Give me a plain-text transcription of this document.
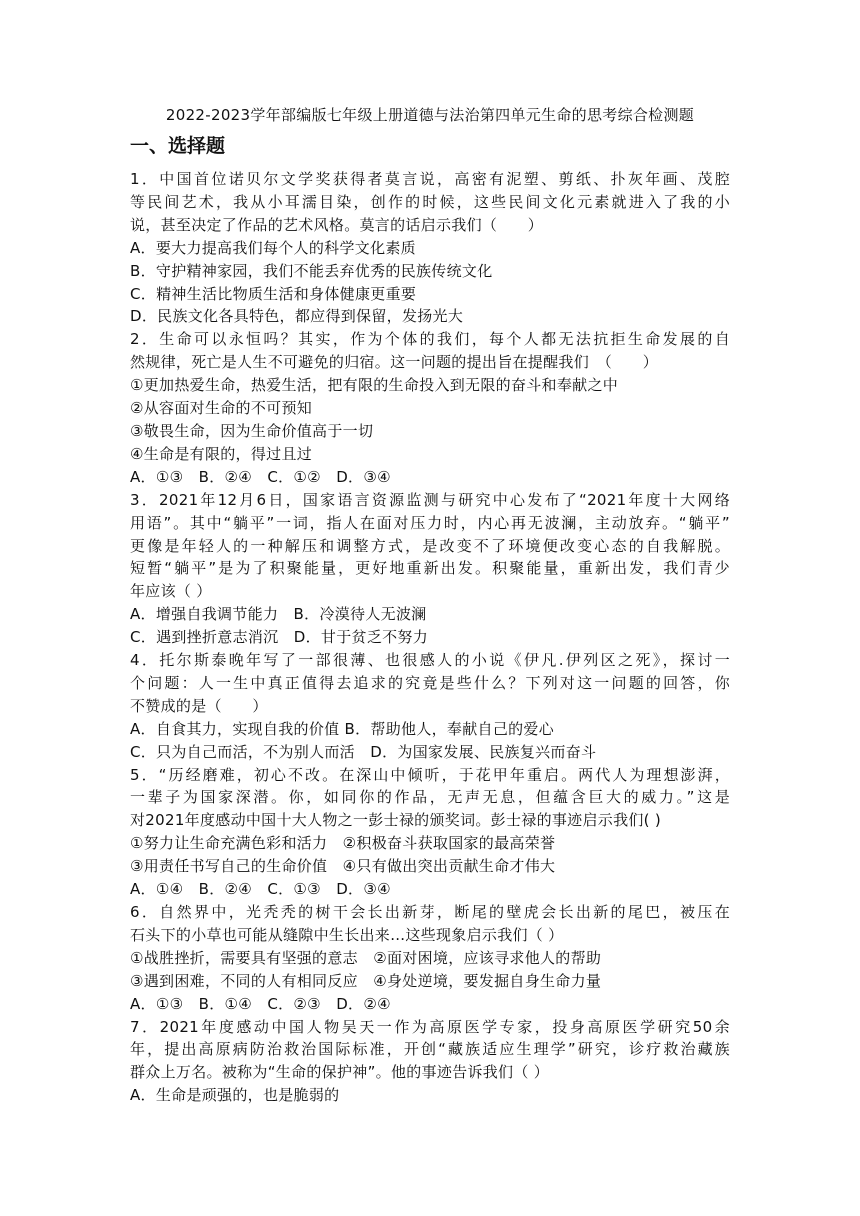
2022-2023学年部编版七年级上册道德与法治第四单元生命的思考综合检测题
一、选择题
1．中国首位诺贝尔文学奖获得者莫言说，高密有泥塑、剪纸、扑灰年画、茂腔
等民间艺术，我从小耳濡目染，创作的时候，这些民间文化元素就进入了我的小
说，甚至决定了作品的艺术风格。莫言的话启示我们（　　）
A．要大力提高我们每个人的科学文化素质
B．守护精神家园，我们不能丢弃优秀的民族传统文化
C．精神生活比物质生活和身体健康更重要
D．民族文化各具特色，都应得到保留，发扬光大
2．生命可以永恒吗？其实，作为个体的我们，每个人都无法抗拒生命发展的自
然规律，死亡是人生不可避免的归宿。这一问题的提出旨在提醒我们　（　　）
①更加热爱生命，热爱生活，把有限的生命投入到无限的奋斗和奉献之中
②从容面对生命的不可预知
③敬畏生命，因为生命价值高于一切
④生命是有限的，得过且过
A．①③　B．②④　C．①②　D．③④
3．2021年12月6日，国家语言资源监测与研究中心发布了“2021年度十大网络
用语”。其中“躺平”一词，指人在面对压力时，内心再无波澜，主动放弃。“躺平”
更像是年轻人的一种解压和调整方式，是改变不了环境便改变心态的自我解脱。
短暂“躺平”是为了积聚能量，更好地重新出发。积聚能量，重新出发，我们青少
年应该（ ）
A．增强自我调节能力　B．冷漠待人无波澜
C．遇到挫折意志消沉　D．甘于贫乏不努力
4．托尔斯泰晚年写了一部很薄、也很感人的小说《伊凡.伊列区之死》，探讨一
个问题：人一生中真正值得去追求的究竟是些什么？下列对这一问题的回答，你
不赞成的是（　　）
A．自食其力，实现自我的价值 B．帮助他人，奉献自己的爱心
C．只为自己而活，不为别人而活　D．为国家发展、民族复兴而奋斗
5．“历经磨难，初心不改。在深山中倾听，于花甲年重启。两代人为理想澎湃，
一辈子为国家深潜。你，如同你的作品，无声无息，但蕴含巨大的威力。”这是
对2021年度感动中国十大人物之一彭士禄的颁奖词。彭士禄的事迹启示我们( )
①努力让生命充满色彩和活力　②积极奋斗获取国家的最高荣誉
③用责任书写自己的生命价值　④只有做出突出贡献生命才伟大
A．①④　B．②④　C．①③　D．③④
6．自然界中，光秃秃的树干会长出新芽，断尾的壁虎会长出新的尾巴，被压在
石头下的小草也可能从缝隙中生长出来…这些现象启示我们（ ）
①战胜挫折，需要具有坚强的意志　②面对困境，应该寻求他人的帮助
③遇到困难，不同的人有相同反应　④身处逆境，要发掘自身生命力量
A．①③　B．①④　C．②③　D．②④
7．2021年度感动中国人物吴天一作为高原医学专家，投身高原医学研究50余
年，提出高原病防治救治国际标准，开创“藏族适应生理学”研究，诊疗救治藏族
群众上万名。被称为“生命的保护神”。他的事迹告诉我们（ ）
A．生命是顽强的，也是脆弱的
